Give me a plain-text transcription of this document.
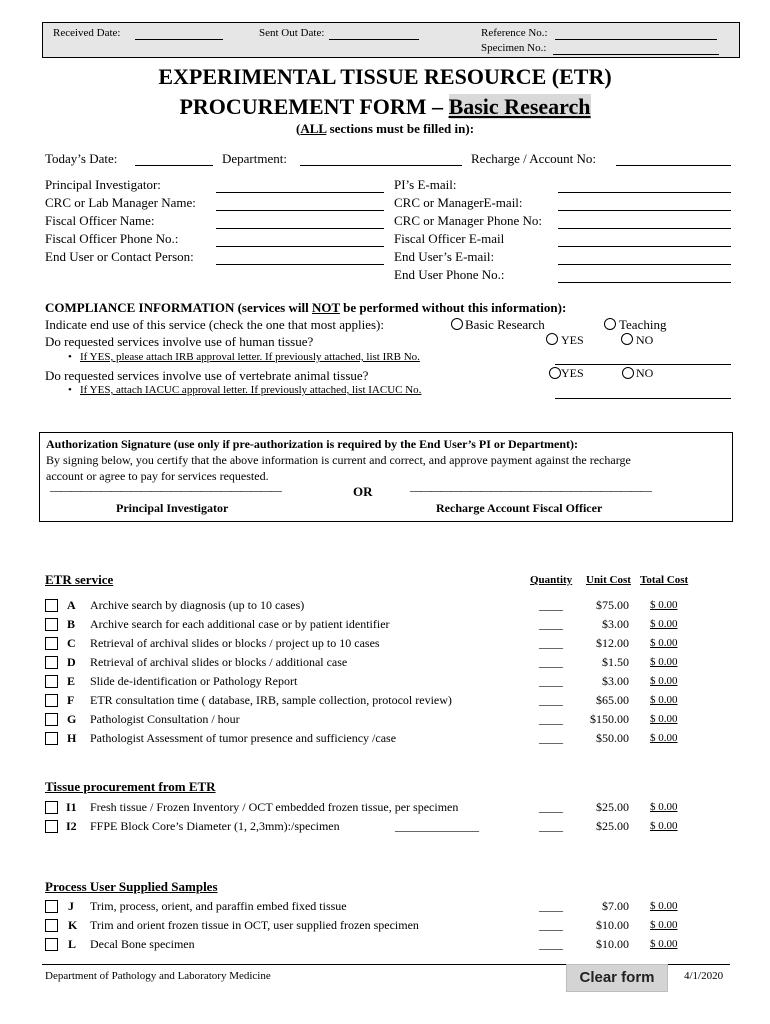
Received Date:	Sent Out Date:	Reference No.:
Specimen No.:
EXPERIMENTAL TISSUE RESOURCE (ETR)
PROCUREMENT FORM – Basic Research
(ALL sections must be filled in):
Today’s Date:	Department:	Recharge / Account No:
Principal Investigator:
CRC or Lab Manager Name:
Fiscal Officer Name:
Fiscal Officer Phone No.:
End User or Contact Person:
PI’s E-mail:
CRC or ManagerE-mail:
CRC or Manager Phone No:
Fiscal Officer E-mail
End User’s E-mail:
End User Phone No.:
COMPLIANCE INFORMATION (services will NOT be performed without this information):
Indicate end use of this service (check the one that most applies):	Basic Research	Teaching
Do requested services involve use of human tissue?	YES	NO
• If YES, please attach IRB approval letter. If previously attached, list IRB No.
Do requested services involve use of vertebrate animal tissue?	YES	NO
• If YES, attach IACUC approval letter. If previously attached, list IACUC No.
Authorization Signature (use only if pre-authorization is required by the End User’s PI or Department):
By signing below, you certify that the above information is current and correct, and approve payment against the recharge
account or agree to pay for services requested.
———————————————————————	OR	————————————————————————
Principal Investigator	Recharge Account Fiscal Officer
ETR service	Quantity Unit Cost Total Cost
A Archive search by diagnosis (up to 10 cases)	____	$75.00 $ 0.00
B Archive search for each additional case or by patient identifier	____	$3.00 $ 0.00
C Retrieval of archival slides or blocks / project up to 10 cases	____	$12.00 $ 0.00
D Retrieval of archival slides or blocks / additional case	____	$1.50 $ 0.00
E Slide de-identification or Pathology Report	____	$3.00 $ 0.00
F ETR consultation time ( database, IRB, sample collection, protocol review)	____	$65.00 $ 0.00
G Pathologist Consultation / hour	____	$150.00 $ 0.00
H Pathologist Assessment of tumor presence and sufficiency /case	____	$50.00 $ 0.00
Tissue procurement from ETR
I1 Fresh tissue / Frozen Inventory / OCT embedded frozen tissue, per specimen	____	$25.00 $ 0.00
I2 FFPE Block Core’s Diameter (1, 2,3mm):/specimen	______________	____	$25.00 $ 0.00
Process User Supplied Samples
J Trim, process, orient, and paraffin embed fixed tissue	____	$7.00 $ 0.00
K Trim and orient frozen tissue in OCT, user supplied frozen specimen	____	$10.00 $ 0.00
L Decal Bone specimen	____	$10.00 $ 0.00
Department of Pathology and Laboratory Medicine	Clear form	4/1/2020
